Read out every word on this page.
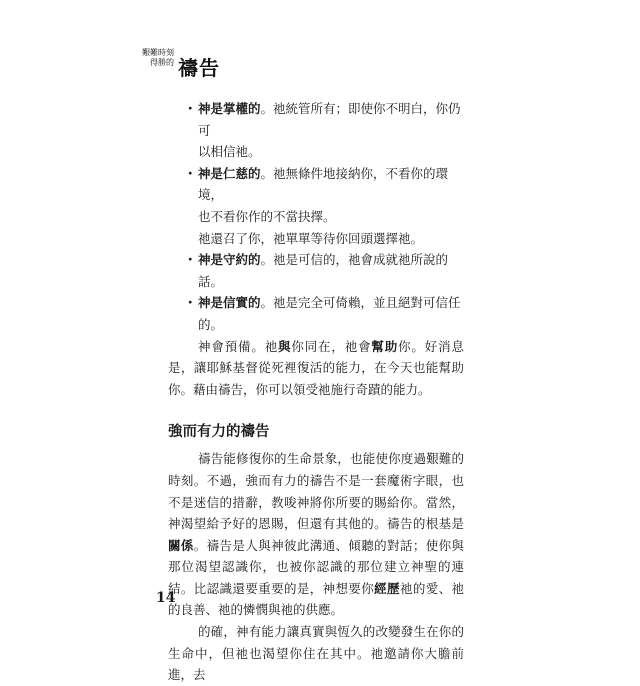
艱難時刻
得勝的 禱告
・ 神是掌權的。祂統管所有；即使你不明白，你仍可
以相信祂。
・ 神是仁慈的。祂無條件地接納你，不看你的環境，
也不看你作的不當抉擇。
祂還召了你，祂單單等待你回頭選擇祂。
・ 神是守約的。祂是可信的，祂會成就祂所說的話。
・ 神是信實的。祂是完全可倚賴，並且絕對可信任
的。
神會預備。祂與你同在，祂會幫助你。好消息是，讓耶穌基督從死裡復活的能力，在今天也能幫助你。藉由禱告，你可以領受祂施行奇蹟的能力。
強而有力的禱告
禱告能修復你的生命景象，也能使你度過艱難的時刻。不過，強而有力的禱告不是一套魔術字眼，也不是迷信的措辭，教唆神將你所要的賜給你。當然，神渴望給予好的恩賜，但還有其他的。禱告的根基是關係。禱告是人與神彼此溝通、傾聽的對話；使你與那位渴望認識你，也被你認識的那位建立神聖的連結。比認識還要重要的是，神想要你經歷祂的愛、祂的良善、祂的憐憫與祂的供應。
的確，神有能力讓真實與恆久的改變發生在你的生命中，但祂也渴望你住在其中。祂邀請你大膽前進，去
14
